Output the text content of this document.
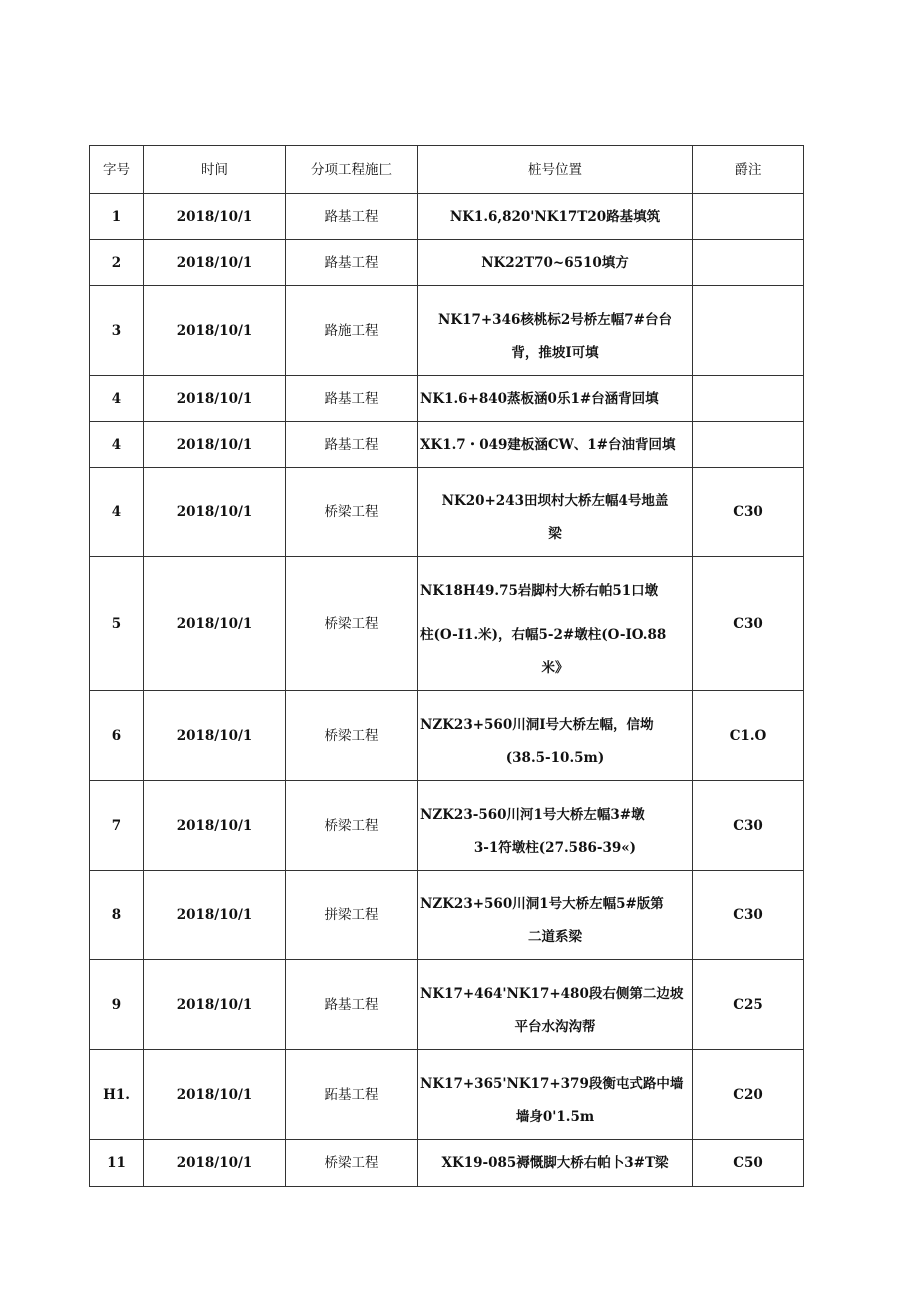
字号	时间	分项工程施匚	桩号位置	爵注
1	2018/10/1	路基工程	NK1.6,820'NK17T20路基填筑	

2	2018/10/1	路基工程	NK22T70~6510填方	

3	2018/10/1	路施工程	NK17+346核桃标2号桥左幅7#台台
背，推坡I可填	

4	2018/10/1	路基工程	NK1.6+840蒸板涵0乐1#台涵背回填	

4	2018/10/1	路基工程	XK1.7・049建板涵CW、1#台油背回填	

4	2018/10/1	桥梁工程	NK20+243田坝村大桥左幅4号地盖
梁	C30
5	2018/10/1	桥梁工程	NK18H49.75岩脚村大桥右帕51口墩
柱(O-I1.米)，右幅5-2#墩柱(O-IO.88
米》	C30
6	2018/10/1	桥梁工程	NZK23+560川洞I号大桥左幅，信坳
(38.5-10.5m)	C1.O
7	2018/10/1	桥梁工程	NZK23-560川河1号大桥左幅3#墩
3-1符墩柱(27.586-39«)	C30
8	2018/10/1	拼梁工程	NZK23+560川洞1号大桥左幅5#版第
二道系梁	C30
9	2018/10/1	路基工程	NK17+464'NK17+480段右侧第二边坡
平台水沟沟帮	C25
H1.	2018/10/1	跖基工程	NK17+365'NK17+379段衡屯式路中墙
墙身0'1.5m	C20
11	2018/10/1	桥梁工程	XK19-085褥慨脚大桥右帕卜3#T梁	C50
